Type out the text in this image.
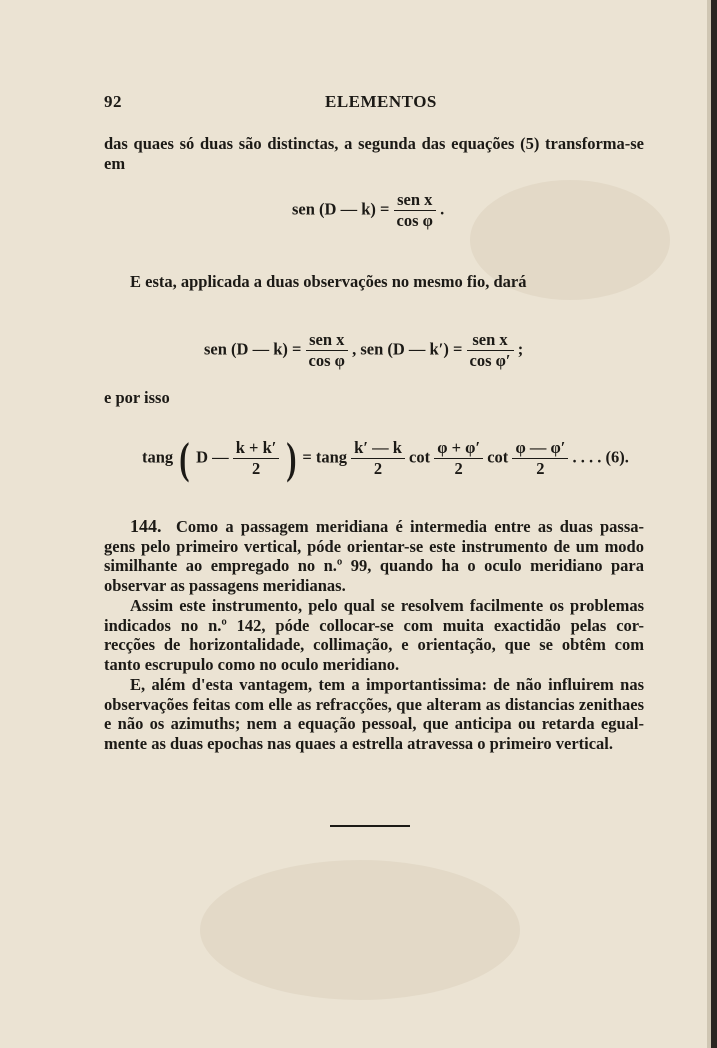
92	ELEMENTOS
das quaes só duas são distinctas, a segunda das equações (5) transforma-se
em
sen (D — $k) = \frac{\text{sen x}}{\text{cos φ}}$ .
E esta, applicada a duas observações no mesmo fio, dará
sen (D — $k) = \frac{\text{sen x}}{\text{cos φ}}$ , sen (D — $k') = \frac{\text{sen x}}{\text{cos φ′}}$ ;
e por isso
tang ( D — $\frac{k + k'}{2}$ ) = tang $\frac{k' — k}{2}$ $\cot \frac{\varphi + \varphi'}{2}$ $\cot \frac{\varphi — \varphi'}{2}$ . . . . (6).
144. Como a passagem meridiana é intermedia entre as duas passa-
gens pelo primeiro vertical, póde orientar-se este instrumento de um modo
similhante ao empregado no n.º 99, quando ha o oculo meridiano para
observar as passagens meridianas.
Assim este instrumento, pelo qual se resolvem facilmente os problemas
indicados no n.º 142, póde collocar-se com muita exactidão pelas cor-
recções de horizontalidade, collimação, e orientação, que se obtêm com
tanto escrupulo como no oculo meridiano.
E, além d'esta vantagem, tem a importantissima: de não influirem nas
observações feitas com elle as refracções, que alteram as distancias zenithaes
e não os azimuths; nem a equação pessoal, que anticipa ou retarda egual-
mente as duas epochas nas quaes a estrella atravessa o primeiro vertical.
